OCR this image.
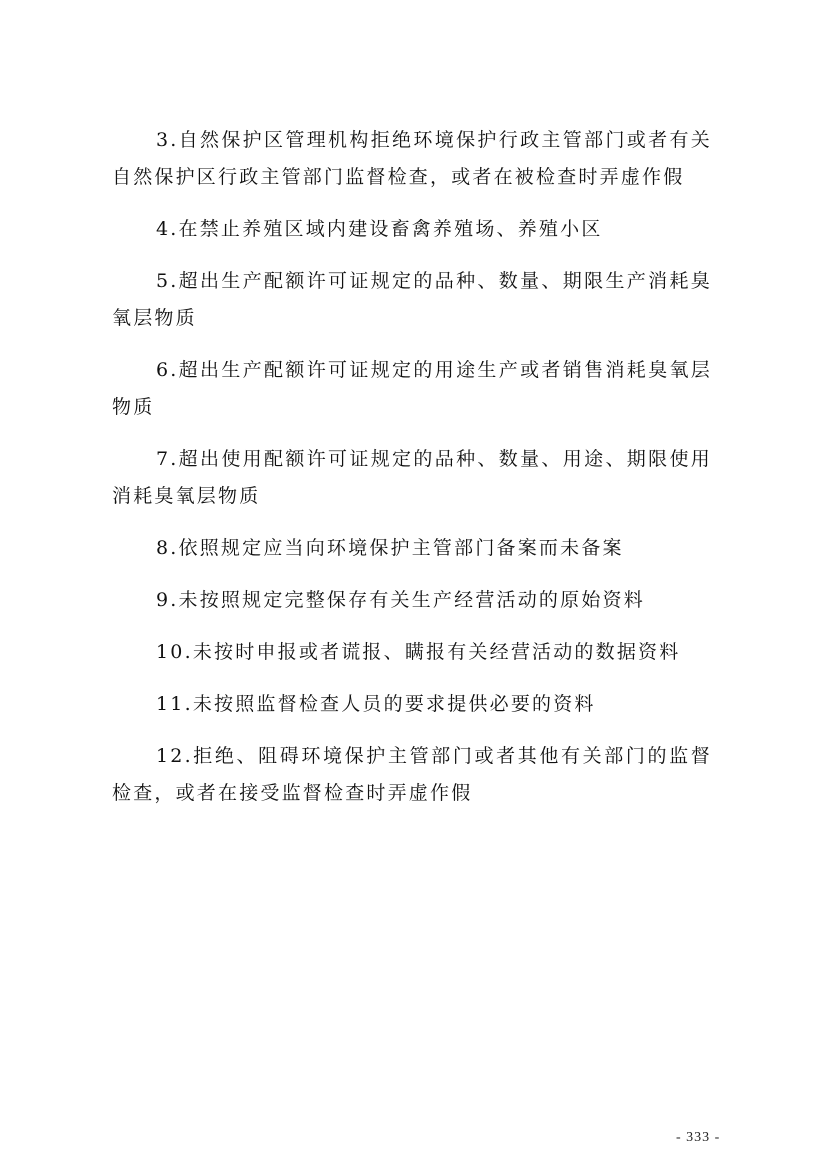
3.自然保护区管理机构拒绝环境保护行政主管部门或者有关自然保护区行政主管部门监督检查，或者在被检查时弄虚作假

4.在禁止养殖区域内建设畜禽养殖场、养殖小区

5.超出生产配额许可证规定的品种、数量、期限生产消耗臭氧层物质

6.超出生产配额许可证规定的用途生产或者销售消耗臭氧层物质

7.超出使用配额许可证规定的品种、数量、用途、期限使用消耗臭氧层物质

8.依照规定应当向环境保护主管部门备案而未备案

9.未按照规定完整保存有关生产经营活动的原始资料

10.未按时申报或者谎报、瞒报有关经营活动的数据资料

11.未按照监督检查人员的要求提供必要的资料

12.拒绝、阻碍环境保护主管部门或者其他有关部门的监督检查，或者在接受监督检查时弄虚作假

- 333 -
